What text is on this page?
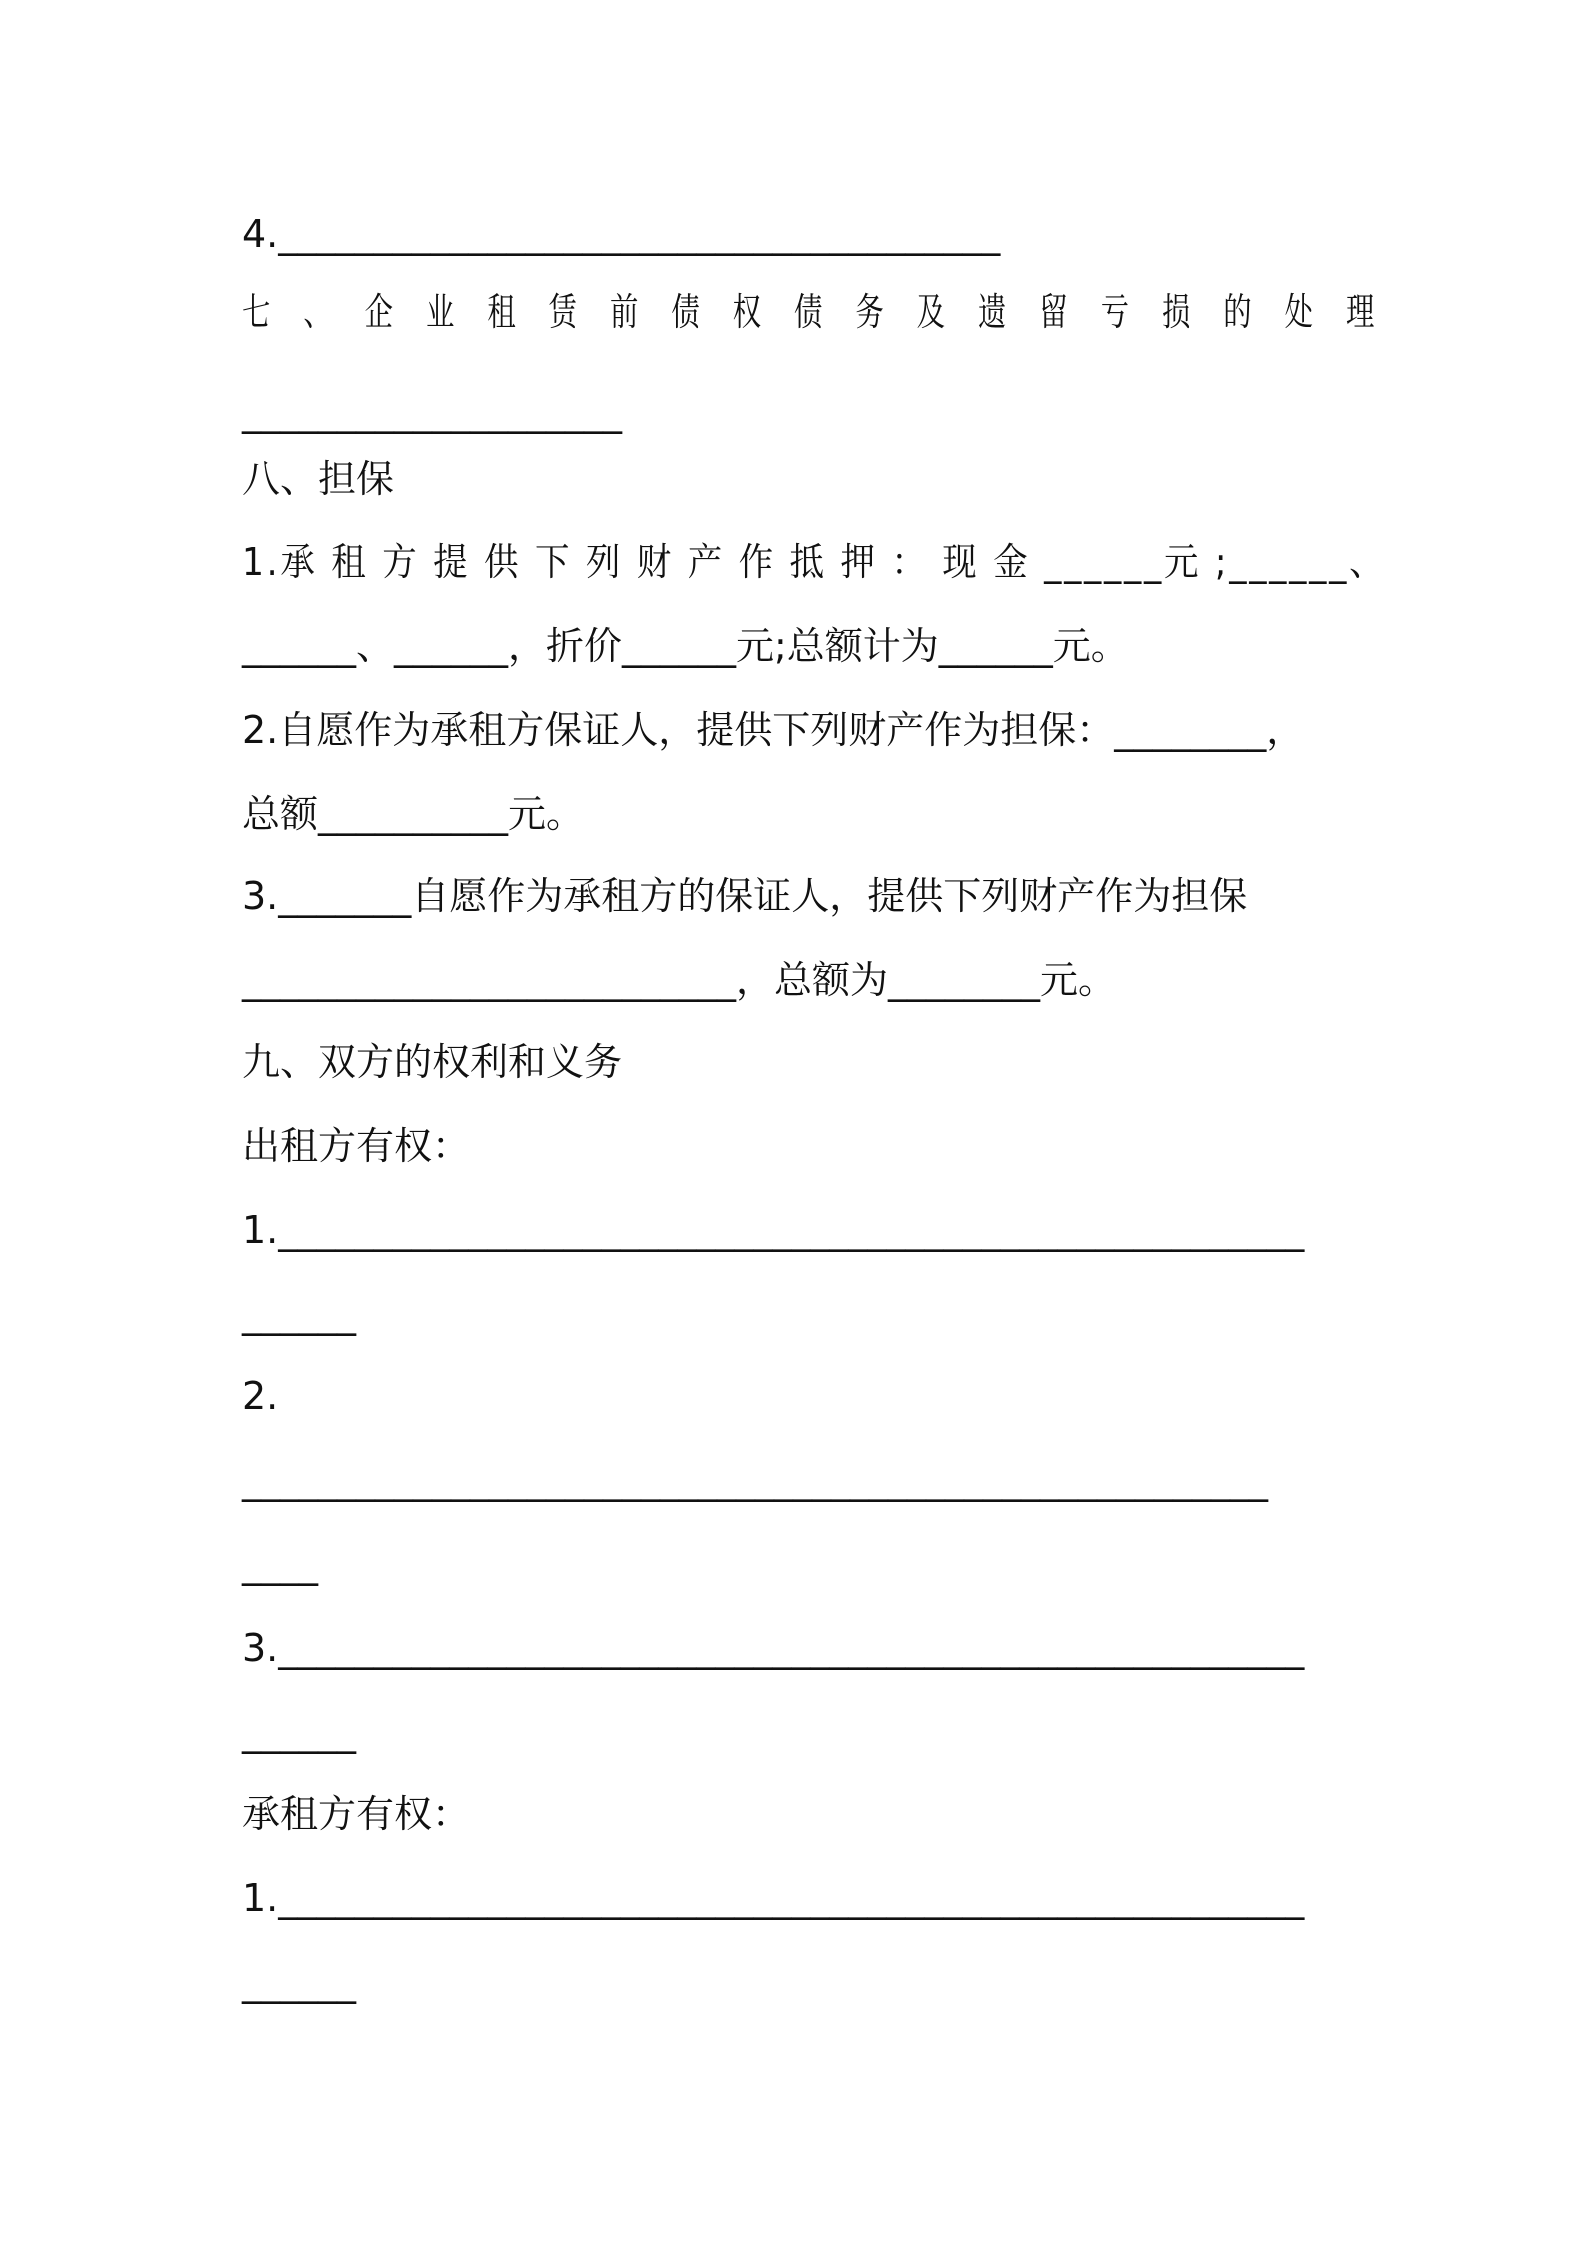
4.______________________________________
七 、 企 业 租 赁 前 债 权 债 务 及 遗 留 亏 损 的 处 理
____________________
八、担保
1.承 租 方 提 供 下 列 财 产 作 抵 押 ： 现 金 ______元 ;______、
______、______，折价______元;总额计为______元。
2.自愿作为承租方保证人，提供下列财产作为担保：________，
总额__________元。
3._______自愿作为承租方的保证人，提供下列财产作为担保
__________________________，总额为________元。
九、双方的权利和义务
出租方有权：
1.______________________________________________________
______
2.
______________________________________________________
____
3.______________________________________________________
______
承租方有权：
1.______________________________________________________
______
